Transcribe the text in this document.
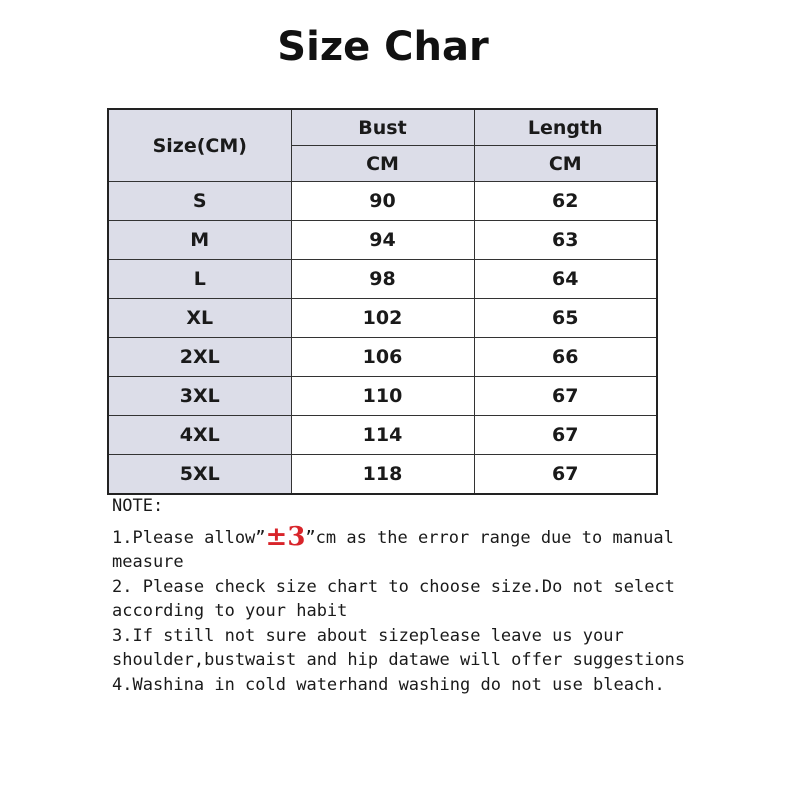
Size Char
Size(CM)	Bust	Length
	CM	CM
S	90	62
M	94	63
L	98	64
XL	102	65
2XL	106	66
3XL	110	67
4XL	114	67
5XL	118	67

NOTE:

1.Please allow”±3”cm as the error range due to manual measure

2. Please check size chart to choose size.Do not select according to your habit

3.If still not sure about sizeplease leave us your shoulder,bustwaist and hip datawe will offer suggestions

4.Washina in cold waterhand washing do not use bleach.
